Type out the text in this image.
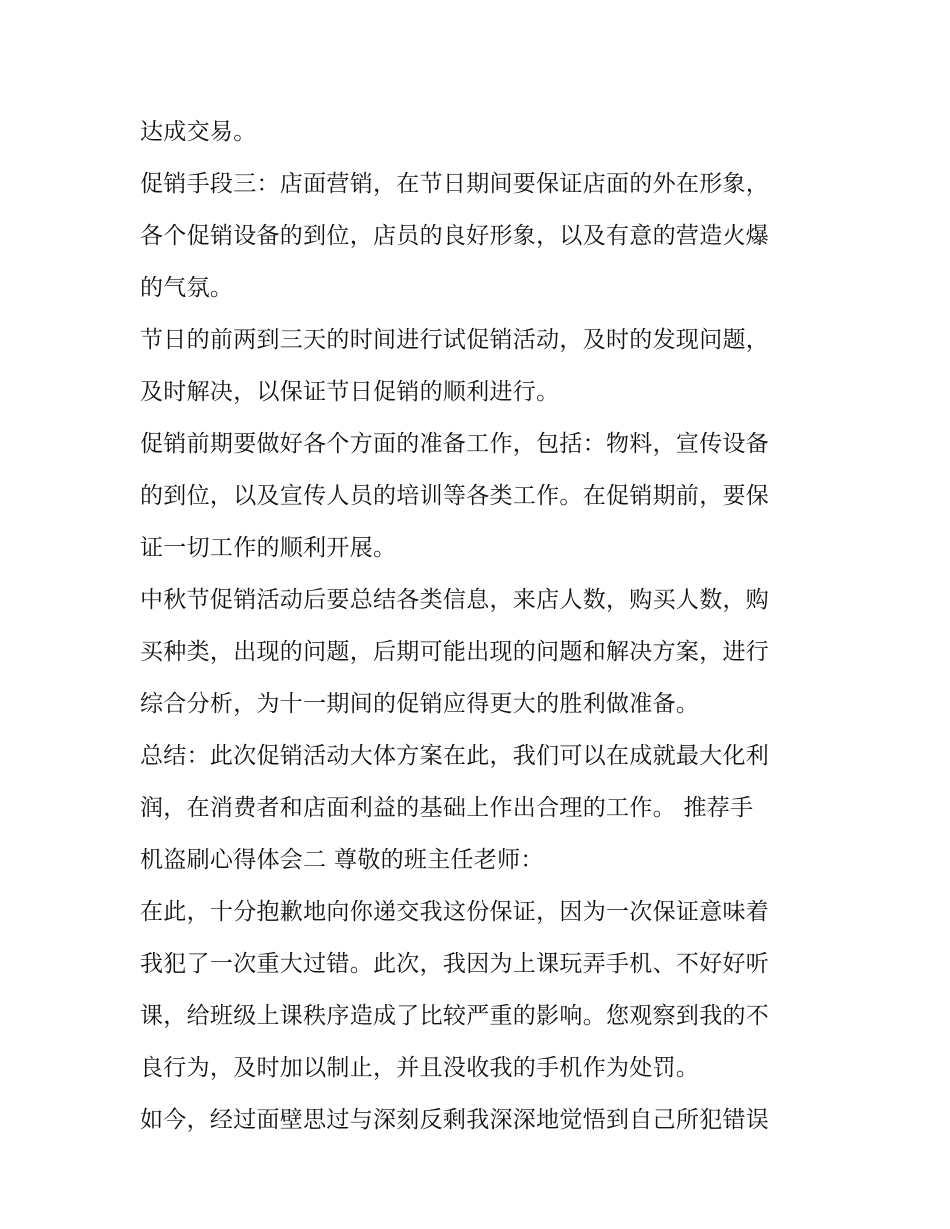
达成交易。
促销手段三：店面营销，在节日期间要保证店面的外在形象，
各个促销设备的到位，店员的良好形象，以及有意的营造火爆
的气氛。
节日的前两到三天的时间进行试促销活动，及时的发现问题，
及时解决，以保证节日促销的顺利进行。
促销前期要做好各个方面的准备工作，包括：物料，宣传设备
的到位，以及宣传人员的培训等各类工作。在促销期前，要保
证一切工作的顺利开展。
中秋节促销活动后要总结各类信息，来店人数，购买人数，购
买种类，出现的问题，后期可能出现的问题和解决方案，进行
综合分析，为十一期间的促销应得更大的胜利做准备。
总结：此次促销活动大体方案在此，我们可以在成就最大化利
润，在消费者和店面利益的基础上作出合理的工作。 推荐手
机盗刷心得体会二 尊敬的班主任老师：
在此，十分抱歉地向你递交我这份保证，因为一次保证意味着
我犯了一次重大过错。此次，我因为上课玩弄手机、不好好听
课，给班级上课秩序造成了比较严重的影响。您观察到我的不
良行为，及时加以制止，并且没收我的手机作为处罚。
如今，经过面壁思过与深刻反剩我深深地觉悟到自己所犯错误
